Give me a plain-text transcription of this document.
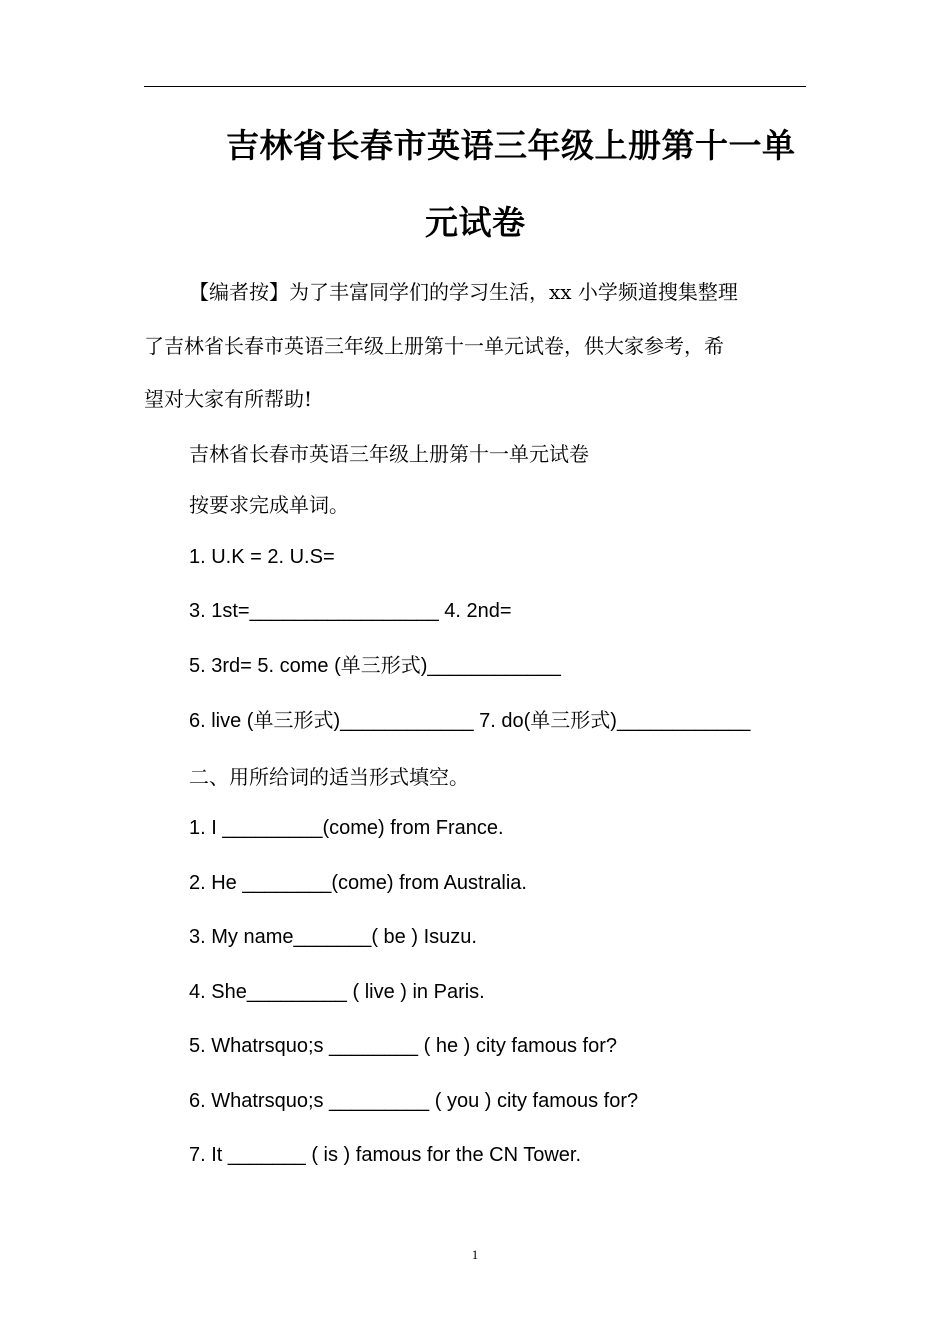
吉林省长春市英语三年级上册第十一单
元试卷
【编者按】为了丰富同学们的学习生活，xx 小学频道搜集整理
了吉林省长春市英语三年级上册第十一单元试卷，供大家参考，希
望对大家有所帮助!
吉林省长春市英语三年级上册第十一单元试卷
按要求完成单词。
1. U.K = 2. U.S=
3. 1st=_________________ 4. 2nd=
5. 3rd= 5. come (单三形式)____________
6. live (单三形式)____________ 7. do(单三形式)____________
二、用所给词的适当形式填空。
1. I _________(come) from France.
2. He ________(come) from Australia.
3. My name_______( be ) Isuzu.
4. She_________ ( live ) in Paris.
5. Whatrsquo;s ________ ( he ) city famous for?
6. Whatrsquo;s _________ ( you ) city famous for?
7. It _______ ( is ) famous for the CN Tower.
1
